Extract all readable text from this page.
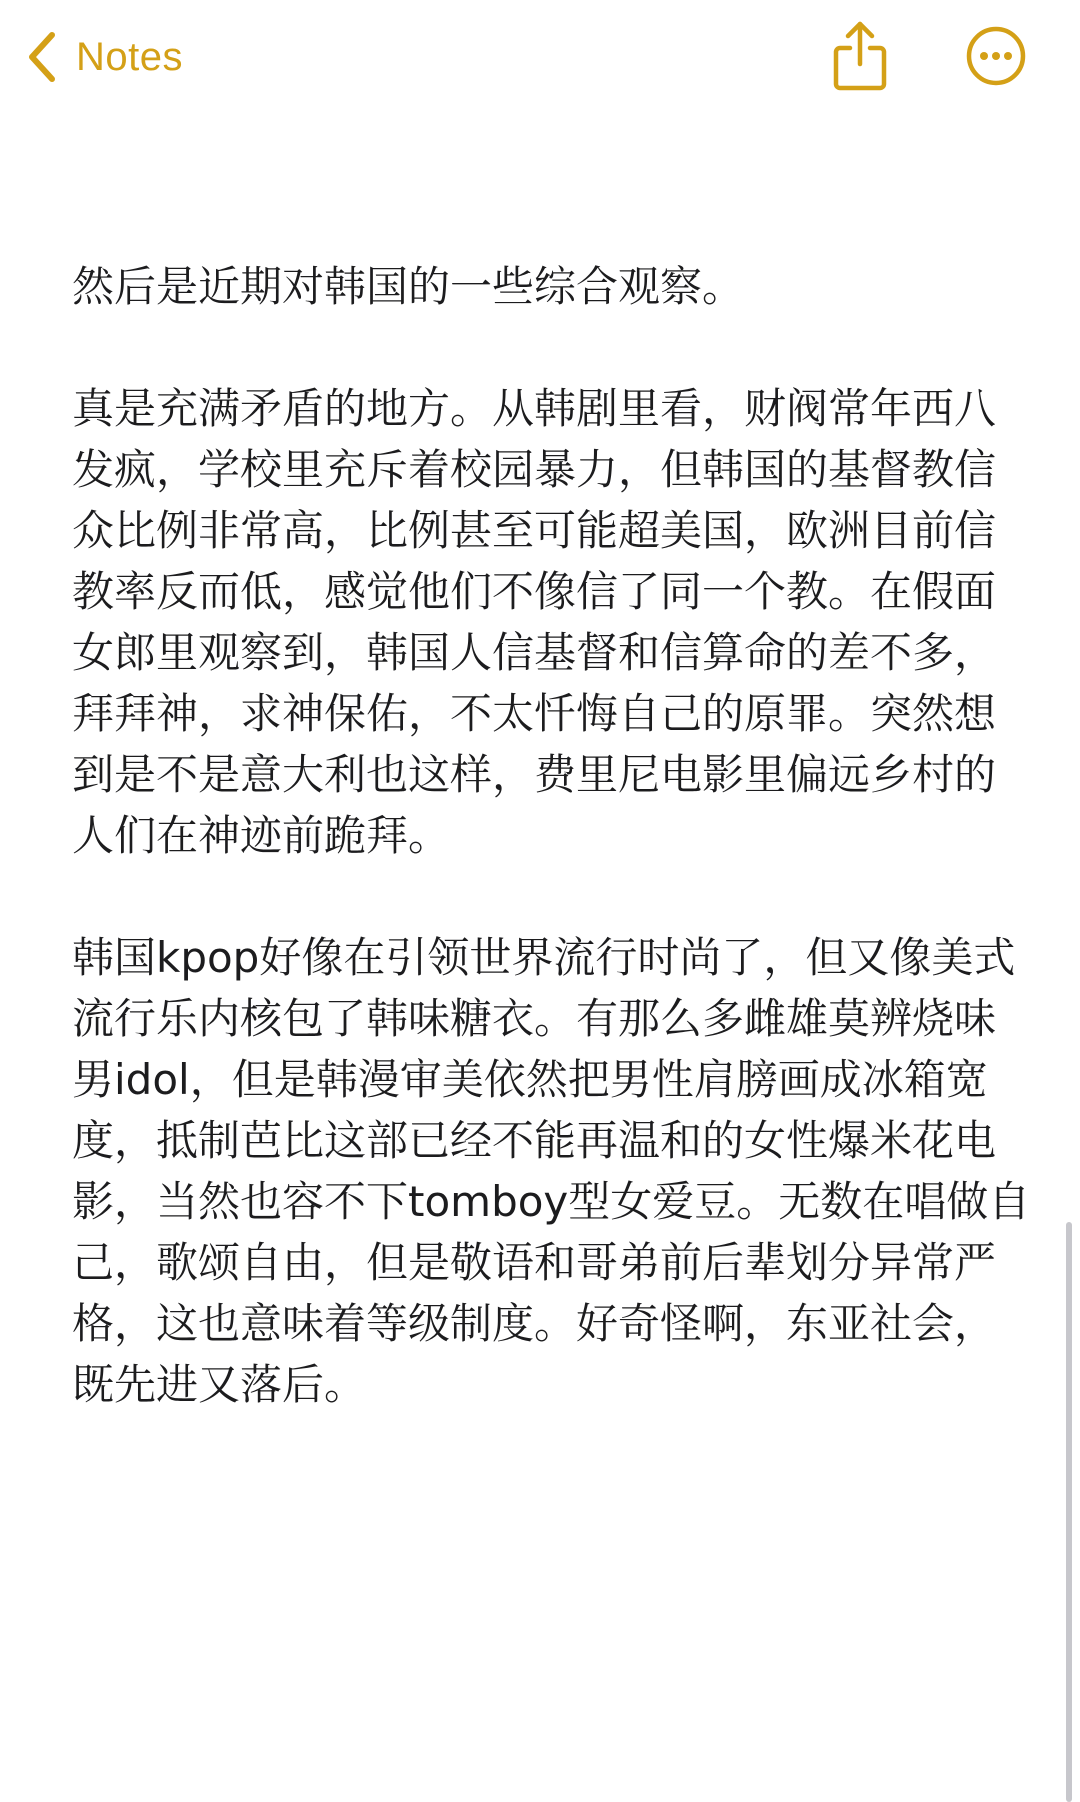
Notes

然后是近期对韩国的一些综合观察。

真是充满矛盾的地方。从韩剧里看，财阀常年西八发疯，学校里充斥着校园暴力，但韩国的基督教信众比例非常高，比例甚至可能超美国，欧洲目前信教率反而低，感觉他们不像信了同一个教。在假面女郎里观察到，韩国人信基督和信算命的差不多，拜拜神，求神保佑，不太忏悔自己的原罪。突然想到是不是意大利也这样，费里尼电影里偏远乡村的人们在神迹前跪拜。

韩国kpop好像在引领世界流行时尚了，但又像美式流行乐内核包了韩味糖衣。有那么多雌雄莫辨烧味男idol，但是韩漫审美依然把男性肩膀画成冰箱宽度，抵制芭比这部已经不能再温和的女性爆米花电影，当然也容不下tomboy型女爱豆。无数在唱做自己，歌颂自由，但是敬语和哥弟前后辈划分异常严格，这也意味着等级制度。好奇怪啊，东亚社会，既先进又落后。
